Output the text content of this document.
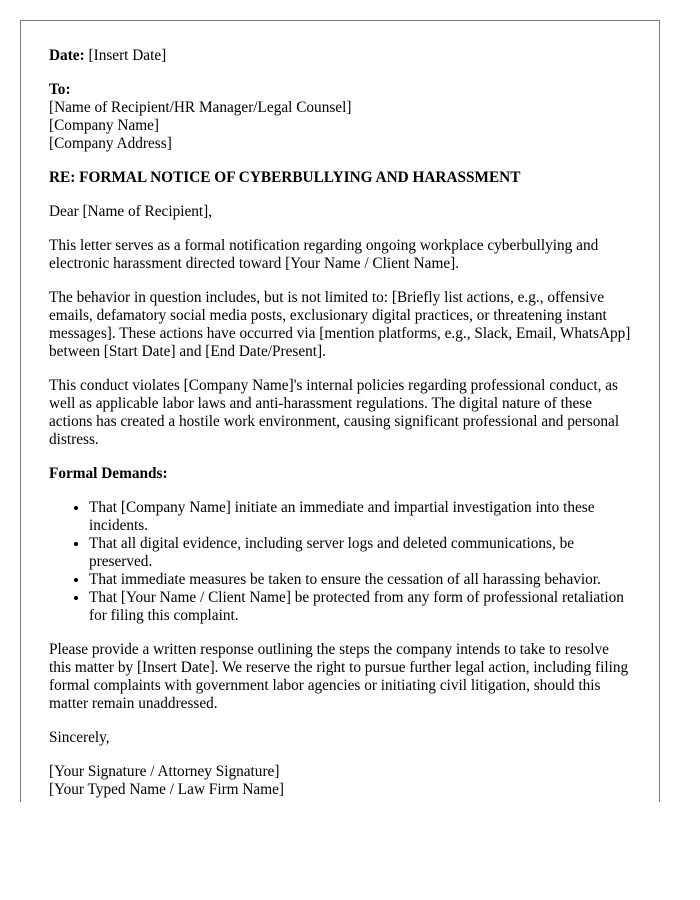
Date: [Insert Date]

To:
[Name of Recipient/HR Manager/Legal Counsel]
[Company Name]
[Company Address]

RE: FORMAL NOTICE OF CYBERBULLYING AND HARASSMENT

Dear [Name of Recipient],

This letter serves as a formal notification regarding ongoing workplace cyberbullying and electronic harassment directed toward [Your Name / Client Name].

The behavior in question includes, but is not limited to: [Briefly list actions, e.g., offensive emails, defamatory social media posts, exclusionary digital practices, or threatening instant messages]. These actions have occurred via [mention platforms, e.g., Slack, Email, WhatsApp] between [Start Date] and [End Date/Present].

This conduct violates [Company Name]'s internal policies regarding professional conduct, as well as applicable labor laws and anti-harassment regulations. The digital nature of these actions has created a hostile work environment, causing significant professional and personal distress.

Formal Demands:

• That [Company Name] initiate an immediate and impartial investigation into these incidents.
• That all digital evidence, including server logs and deleted communications, be preserved.
• That immediate measures be taken to ensure the cessation of all harassing behavior.
• That [Your Name / Client Name] be protected from any form of professional retaliation for filing this complaint.

Please provide a written response outlining the steps the company intends to take to resolve this matter by [Insert Date]. We reserve the right to pursue further legal action, including filing formal complaints with government labor agencies or initiating civil litigation, should this matter remain unaddressed.

Sincerely,

[Your Signature / Attorney Signature]
[Your Typed Name / Law Firm Name]
